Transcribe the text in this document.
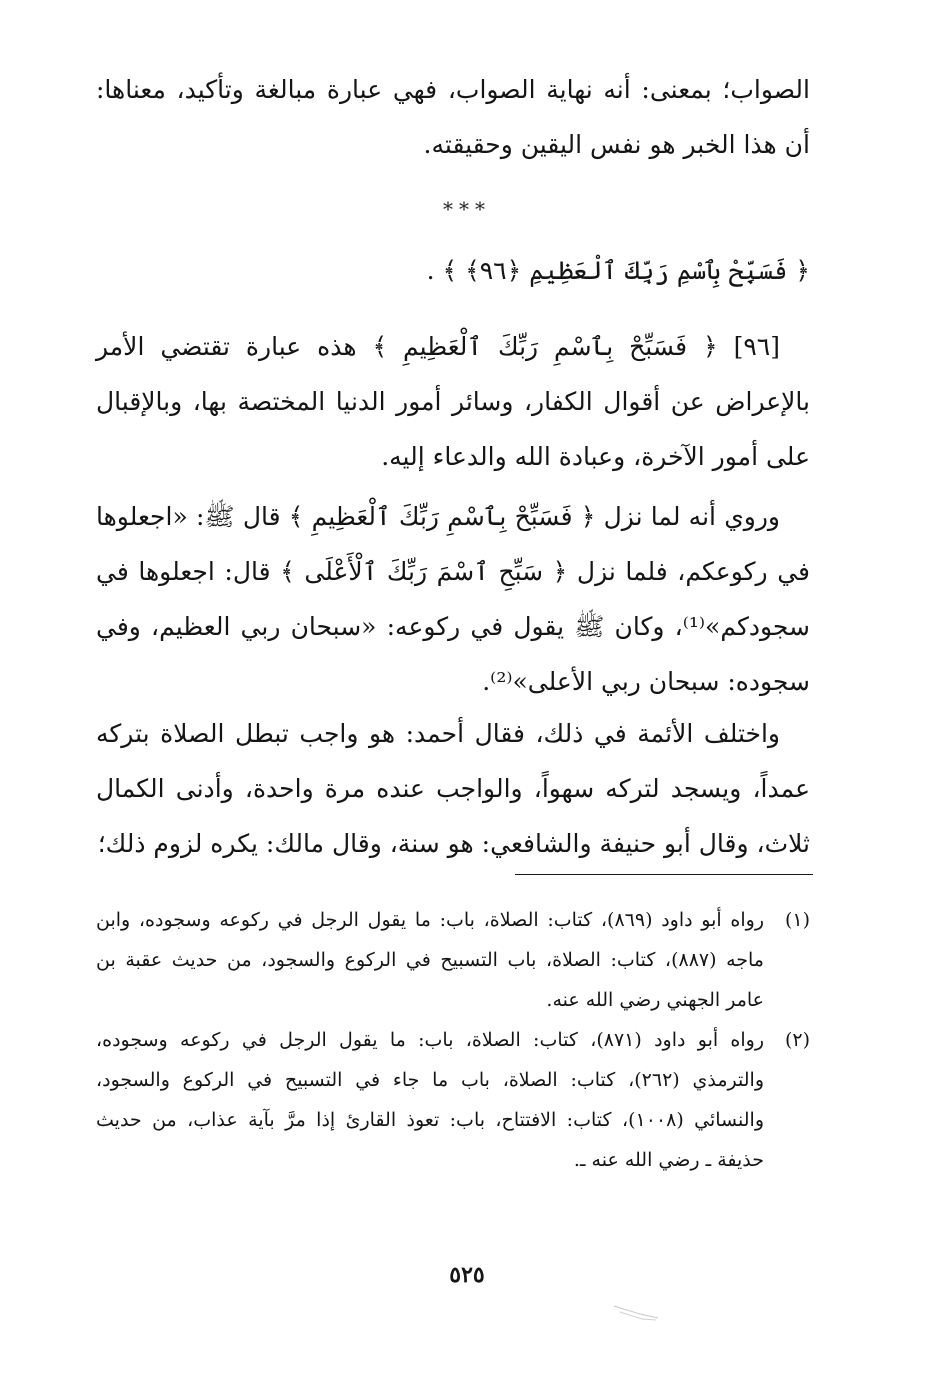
الصواب؛ بمعنى: أنه نهاية الصواب، فهي عبارة مبالغة وتأكيد، معناها: أن هذا الخبر هو نفس اليقين وحقيقته.

***
﴿ فَسَبِّحْ بِٱسْمِ رَبِّكَ ٱلْعَظِيمِ ﴿٩٦﴾ ﴾ .

[٩٦] ﴿ فَسَبِّحْ بِٱسْمِ رَبِّكَ ٱلْعَظِيمِ ﴾ هذه عبارة تقتضي الأمر بالإعراض عن أقوال الكفار، وسائر أمور الدنيا المختصة بها، وبالإقبال على أمور الآخرة، وعبادة الله والدعاء إليه.

وروي أنه لما نزل ﴿ فَسَبِّحْ بِٱسْمِ رَبِّكَ ٱلْعَظِيمِ ﴾ قال ﷺ: «اجعلوها في ركوعكم، فلما نزل ﴿ سَبِّحِ ٱسْمَ رَبِّكَ ٱلْأَعْلَى ﴾ قال: اجعلوها في سجودكم»⁽¹⁾، وكان ﷺ يقول في ركوعه: «سبحان ربي العظيم، وفي سجوده: سبحان ربي الأعلى»⁽²⁾.

واختلف الأئمة في ذلك، فقال أحمد: هو واجب تبطل الصلاة بتركه عمداً، ويسجد لتركه سهواً، والواجب عنده مرة واحدة، وأدنى الكمال ثلاث، وقال أبو حنيفة والشافعي: هو سنة، وقال مالك: يكره لزوم ذلك؛

(١)
رواه أبو داود (٨٦٩)، كتاب: الصلاة، باب: ما يقول الرجل في ركوعه وسجوده، وابن ماجه (٨٨٧)، كتاب: الصلاة، باب التسبيح في الركوع والسجود، من حديث عقبة بن عامر الجهني رضي الله عنه.
(٢)
رواه أبو داود (٨٧١)، كتاب: الصلاة، باب: ما يقول الرجل في ركوعه وسجوده، والترمذي (٢٦٢)، كتاب: الصلاة، باب ما جاء في التسبيح في الركوع والسجود، والنسائي (١٠٠٨)، كتاب: الافتتاح، باب: تعوذ القارئ إذا مرَّ بآية عذاب، من حديث حذيفة ـ رضي الله عنه ـ.
٥٢٥
